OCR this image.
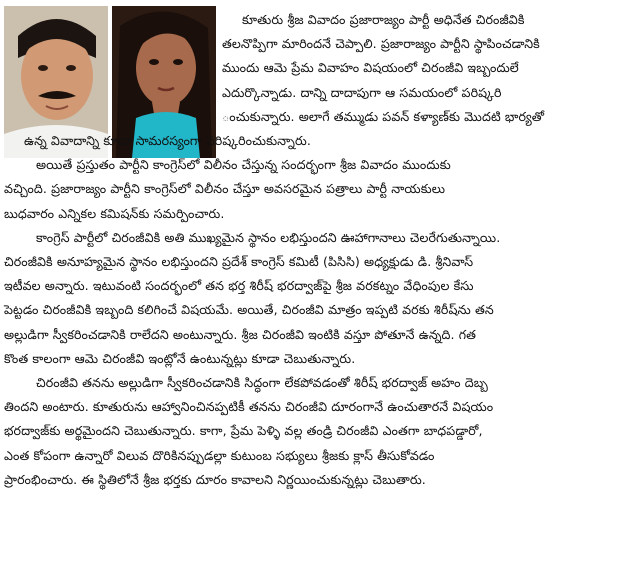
కూతురు శ్రీజ వివాదం ప్రజారాజ్యం పార్టీ అధినేత చిరంజీవికి

తలనొప్పిగా మారిందనే చెప్పాలి. ప్రజారాజ్యం పార్టీని స్థాపించడానికి

ముందు ఆమె ప్రేమ వివాహం విషయంలో చిరంజీవి ఇబ్బందులే

ఎదుర్కొన్నాడు. దాన్ని దాదాపుగా ఆ సమయంలో పరిష్కరి

ంచుకున్నారు. అలాగే తమ్ముడు పవన్ కళ్యాణ్‌కు మొదటి భార్యతో

ఉన్న వివాదాన్ని కూడా సామరస్యంగా పరిష్కరించుకున్నారు.

అయితే ప్రస్తుతం పార్టీని కాంగ్రెస్‌లో విలీనం చేస్తున్న సందర్భంగా శ్రీజ వివాదం ముందుకు

వచ్చింది. ప్రజారాజ్యం పార్టీని కాంగ్రెస్‌లో విలీనం చేస్తూ అవసరమైన పత్రాలు పార్టీ నాయకులు

బుధవారం ఎన్నికల కమిషన్‌కు సమర్పించారు.

కాంగ్రెస్ పార్టీలో చిరంజీవికి అతి ముఖ్యమైన స్థానం లభిస్తుందని ఊహాగానాలు చెలరేగుతున్నాయి.

చిరంజీవికి అనూహ్యమైన స్థానం లభిస్తుందని ప్రదేశ్ కాంగ్రెస్ కమిటీ (పిసిసి) అధ్యక్షుడు డి. శ్రీనివాస్

ఇటీవల అన్నారు. ఇటువంటి సందర్భంలో తన భర్త శిరీష్ భరద్వాజ్‌పై శ్రీజ వరకట్నం వేధింపుల కేసు

పెట్టడం చిరంజీవికి ఇబ్బంది కలిగించే విషయమే. అయితే, చిరంజీవి మాత్రం ఇప్పటి వరకు శిరీష్‌ను తన

అల్లుడిగా స్వీకరించడానికి రాలేదని అంటున్నారు. శ్రీజ చిరంజీవి ఇంటికి వస్తూ పోతూనే ఉన్నది. గత

కొంత కాలంగా ఆమె చిరంజీవి ఇంట్లోనే ఉంటున్నట్లు కూడా చెబుతున్నారు.

చిరంజీవి తనను అల్లుడిగా స్వీకరించడానికి సిద్ధంగా లేకపోవడంతో శిరీష్ భరద్వాజ్ అహం దెబ్బ

తిందని అంటారు. కూతురును ఆహ్వానించినప్పటికీ తనను చిరంజీవి దూరంగానే ఉంచుతారనే విషయం

భరద్వాజ్‌కు అర్థమైందని చెబుతున్నారు. కాగా, ప్రేమ పెళ్ళి వల్ల తండ్రి చిరంజీవి ఎంతగా బాధపడ్డారో,

ఎంత కోపంగా ఉన్నారో విలువ దొరికినప్పుడల్లా కుటుంబ సభ్యులు శ్రీజకు క్లాస్ తీసుకోవడం

ప్రారంభించారు. ఈ స్థితిలోనే శ్రీజ భర్తకు దూరం కావాలని నిర్ణయించుకున్నట్లు చెబుతారు.
